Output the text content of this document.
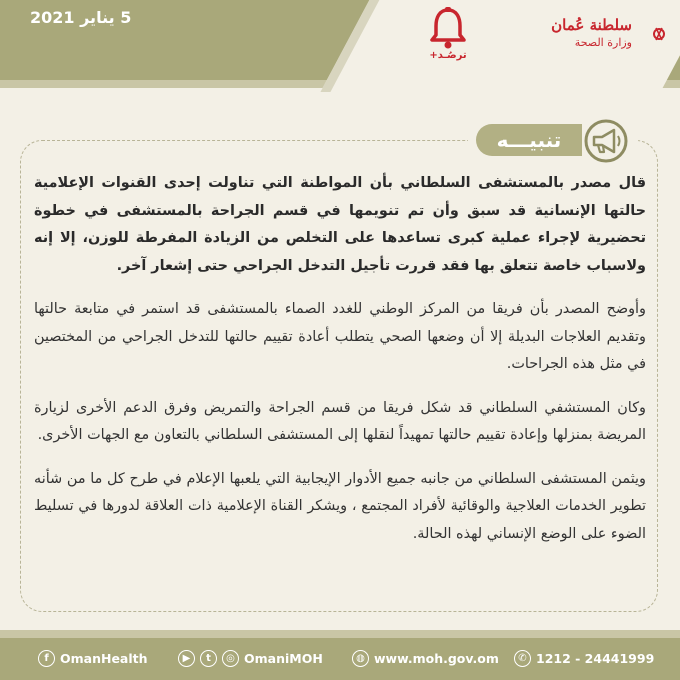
5 يناير 2021
ترصُـد+
سلطنة عُمان
وزارة الصحة
تنبيـــه

قال مصدر بالمستشفى السلطاني بأن المواطنة التي تناولت إحدى القنوات الإعلامية حالتها الإنسانية قد سبق وأن تم تنويمها في قسم الجراحة بالمستشفى في خطوة تحضيرية لإجراء عملية كبرى تساعدها على التخلص من الزيادة المفرطة للوزن، إلا إنه ولاسباب خاصة تتعلق بها فقد قررت تأجيل التدخل الجراحي حتى إشعار آخر.

وأوضح المصدر بأن فريقا من المركز الوطني للغدد الصماء بالمستشفى قد استمر في متابعة حالتها وتقديم العلاجات البديلة إلا أن وضعها الصحي يتطلب أعادة تقييم حالتها للتدخل الجراحي من المختصين في مثل هذه الجراحات.

وكان المستشفي السلطاني قد شكل فريقا من قسم الجراحة والتمريض وفرق الدعم الأخرى لزيارة المريضة بمنزلها وإعادة تقييم حالتها تمهيداً لنقلها إلى المستشفى السلطاني بالتعاون مع الجهات الأخرى.

ويثمن المستشفى السلطاني من جانبه جميع الأدوار الإيجابية التي يلعبها الإعلام في طرح كل ما من شأنه تطوير الخدمات العلاجية والوقائية لأفراد المجتمع ، ويشكر القناة الإعلامية ذات العلاقة لدورها في تسليط الضوء على الوضع الإنساني لهذه الحالة.

f OmanHealth	▶	t	◎ OmaniMOH	◍ www.moh.gov.om	✆ 1212 - 24441999
